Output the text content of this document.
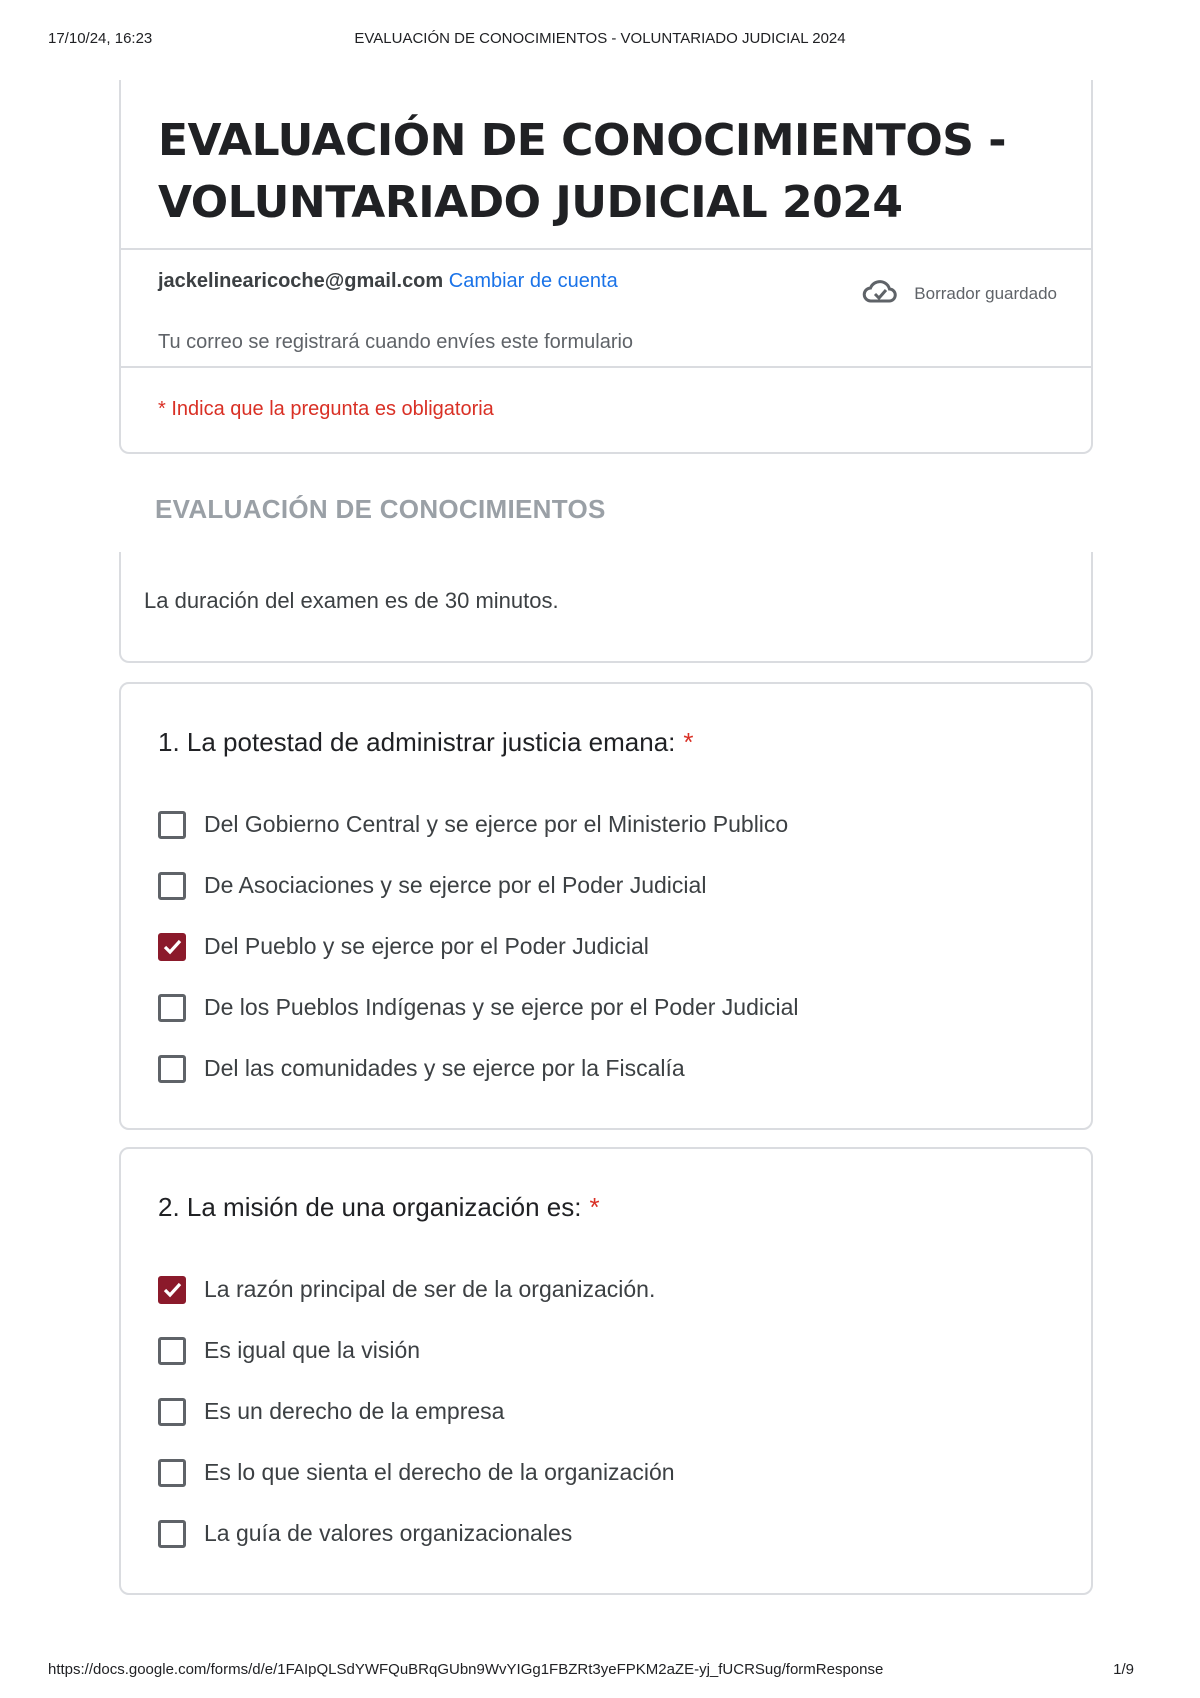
17/10/24, 16:23	EVALUACIÓN DE CONOCIMIENTOS - VOLUNTARIADO JUDICIAL 2024
EVALUACIÓN DE CONOCIMIENTOS - VOLUNTARIADO JUDICIAL 2024
jackelinearicoche@gmail.com Cambiar de cuenta
Borrador guardado
Tu correo se registrará cuando envíes este formulario
* Indica que la pregunta es obligatoria
EVALUACIÓN DE CONOCIMIENTOS
La duración del examen es de 30 minutos.
1. La potestad de administrar justicia emana: *
Del Gobierno Central y se ejerce por el Ministerio Publico
De Asociaciones y se ejerce por el Poder Judicial
Del Pueblo y se ejerce por el Poder Judicial
De los Pueblos Indígenas y se ejerce por el Poder Judicial
Del las comunidades y se ejerce por la Fiscalía
2. La misión de una organización es: *
La razón principal de ser de la organización.
Es igual que la visión
Es un derecho de la empresa
Es lo que sienta el derecho de la organización
La guía de valores organizacionales
https://docs.google.com/forms/d/e/1FAIpQLSdYWFQuBRqGUbn9WvYIGg1FBZRt3yeFPKM2aZE-yj_fUCRSug/formResponse	1/9
